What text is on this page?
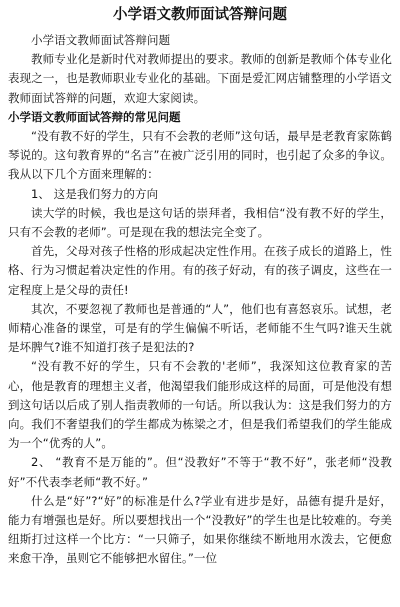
小学语文教师面试答辩问题

小学语文教师面试答辩问题

教师专业化是新时代对教师提出的要求。教师的创新是教师个体专业化表现之一，也是教师职业专业化的基础。下面是爱汇网店铺整理的小学语文教师面试答辩的问题，欢迎大家阅读。

小学语文教师面试答辩的常见问题

“没有教不好的学生，只有不会教的老师”这句话，最早是老教育家陈鹤琴说的。这句教育界的“名言”在被广泛引用的同时，也引起了众多的争议。我从以下几个方面来理解的：

1、 这是我们努力的方向

读大学的时候，我也是这句话的崇拜者，我相信“没有教不好的学生，只有不会教的老师”。可是现在我的想法完全变了。

首先，父母对孩子性格的形成起决定性作用。在孩子成长的道路上，性格、行为习惯起着决定性的作用。有的孩子好动，有的孩子调皮，这些在一定程度上是父母的责任!

其次，不要忽视了教师也是普通的“人”，他们也有喜怒哀乐。试想，老师精心准备的课堂，可是有的学生偏偏不听话，老师能不生气吗?谁天生就是坏脾气?谁不知道打孩子是犯法的?

“没有教不好的学生，只有不会教的'老师”，我深知这位教育家的苦心，他是教育的理想主义者，他渴望我们能形成这样的局面，可是他没有想到这句话以后成了别人指责教师的一句话。所以我认为：这是我们努力的方向。我们不奢望我们的学生都成为栋梁之才，但是我们希望我们的学生能成为一个“优秀的人”。

2、 “教育不是万能的”。但“没教好”不等于“教不好”，张老师“没教好”不代表李老师“教不好。”

什么是“好”?“好”的标准是什么?学业有进步是好，品德有提升是好，能力有增强也是好。所以要想找出一个“没教好”的学生也是比较难的。夸美纽斯打过这样一个比方：“一只筛子，如果你继续不断地用水泼去，它便愈来愈干净，虽则它不能够把水留住。”一位
